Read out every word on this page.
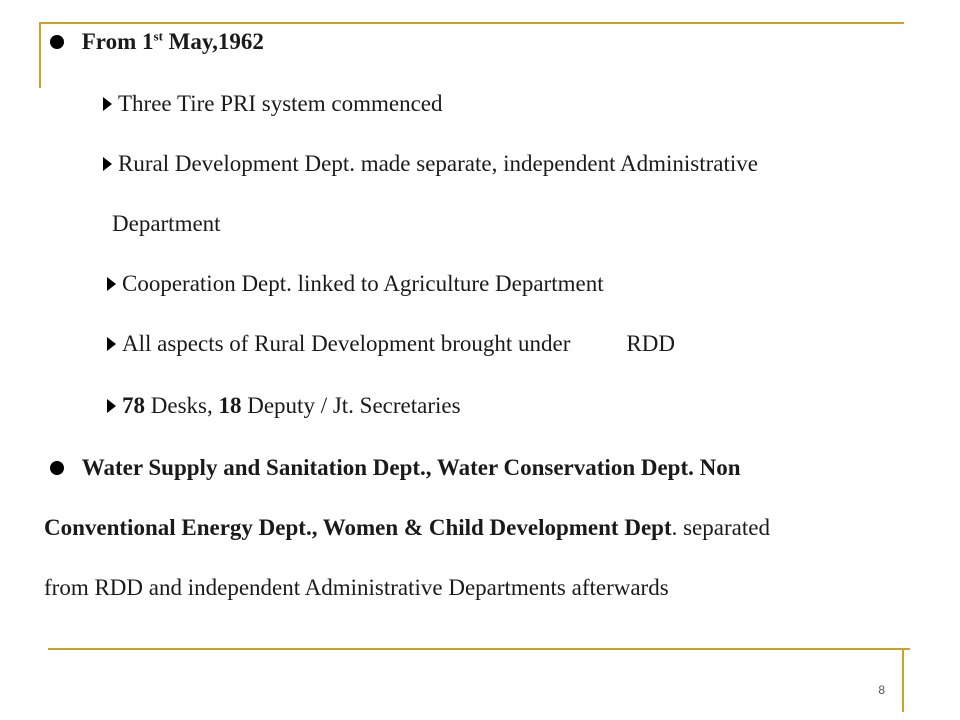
From 1st May,1962
Three Tire PRI system commenced
Rural Development Dept. made separate, independent Administrative
Department
Cooperation Dept. linked to Agriculture Department
All aspects of Rural Development brought under RDD
78 Desks, 18 Deputy / Jt. Secretaries
Water Supply and Sanitation Dept., Water Conservation Dept. Non
Conventional Energy Dept., Women & Child Development Dept. separated
from RDD and independent Administrative Departments afterwards
8
